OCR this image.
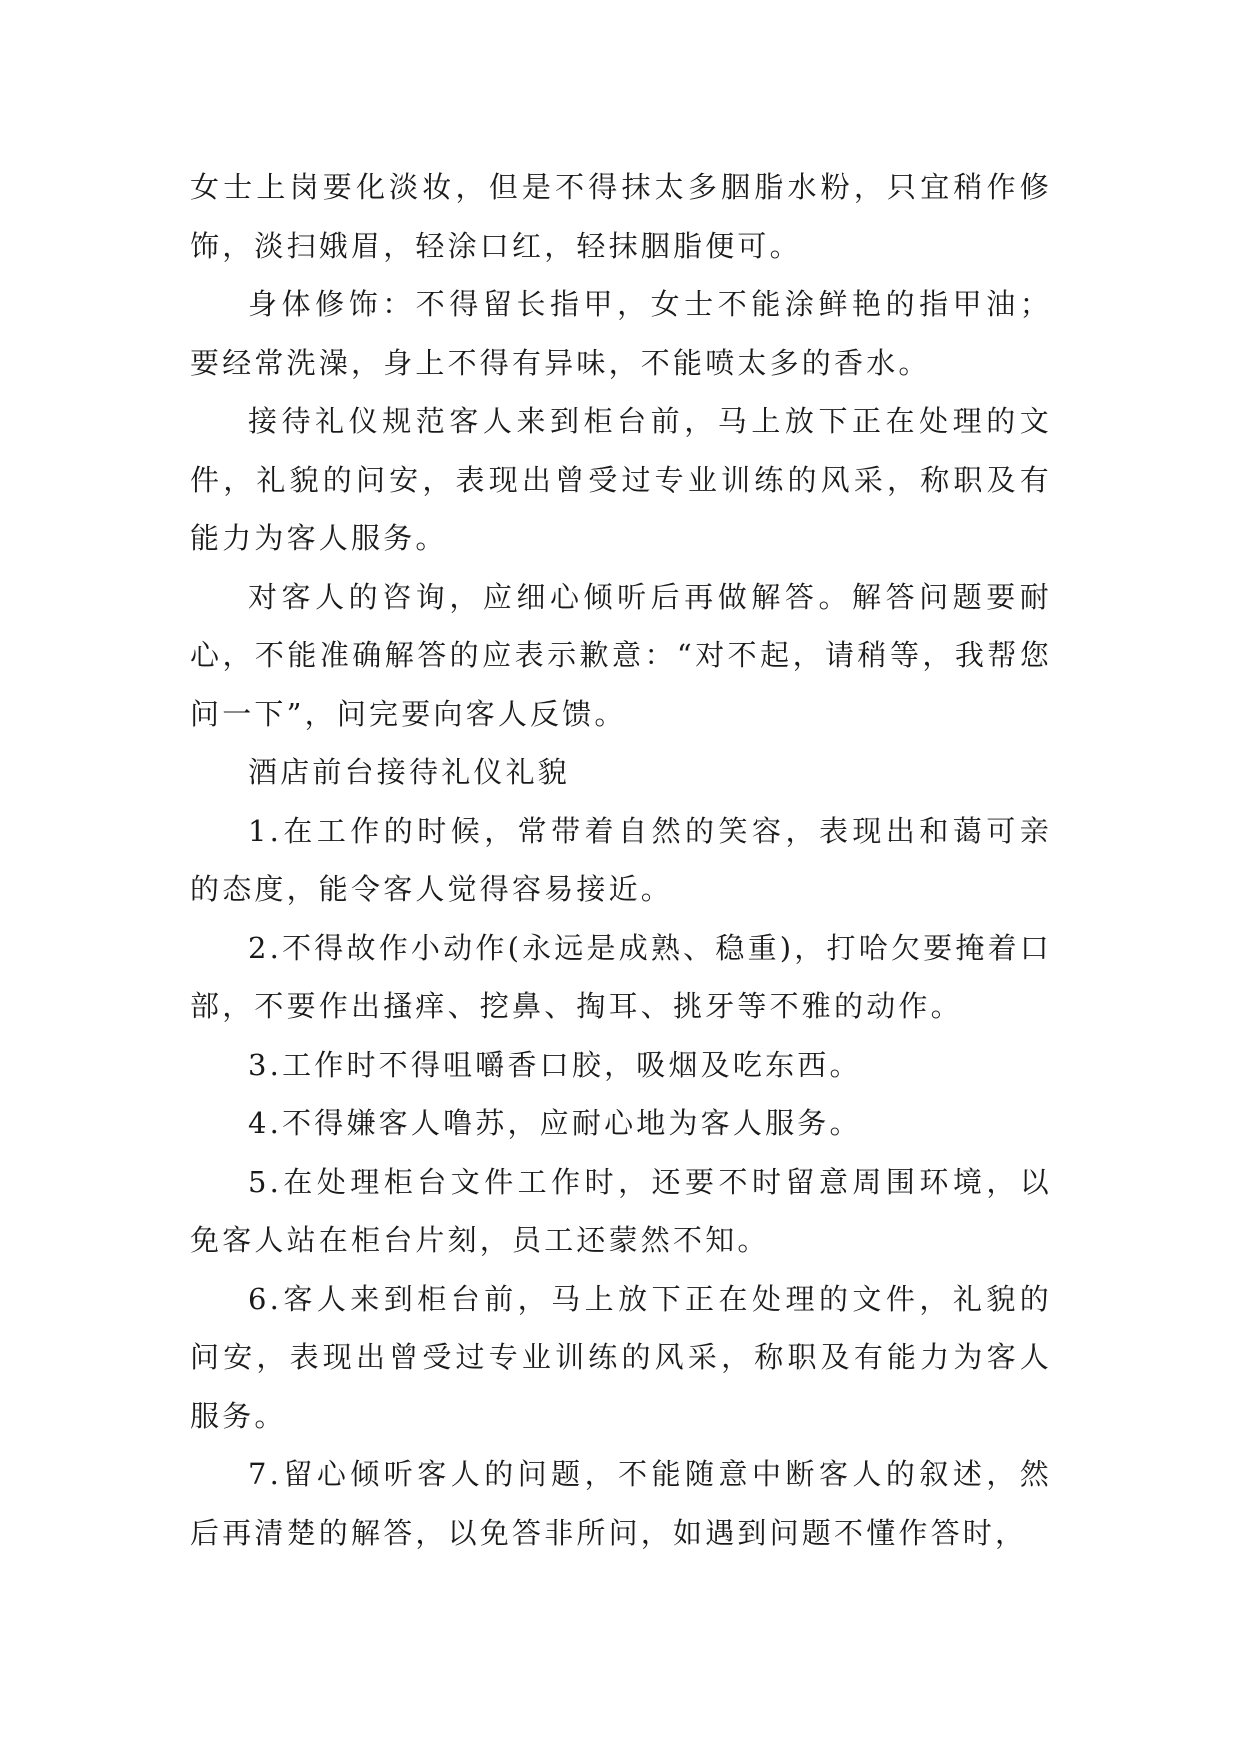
女士上岗要化淡妆，但是不得抹太多胭脂水粉，只宜稍作修饰，淡扫娥眉，轻涂口红，轻抹胭脂便可。

身体修饰：不得留长指甲，女士不能涂鲜艳的指甲油；要经常洗澡，身上不得有异味，不能喷太多的香水。

接待礼仪规范客人来到柜台前，马上放下正在处理的文件，礼貌的问安，表现出曾受过专业训练的风采，称职及有能力为客人服务。

对客人的咨询，应细心倾听后再做解答。解答问题要耐心，不能准确解答的应表示歉意：“对不起，请稍等，我帮您问一下”，问完要向客人反馈。

酒店前台接待礼仪礼貌

1.在工作的时候，常带着自然的笑容，表现出和蔼可亲的态度，能令客人觉得容易接近。

2.不得故作小动作(永远是成熟、稳重)，打哈欠要掩着口部，不要作出搔痒、挖鼻、掏耳、挑牙等不雅的动作。

3.工作时不得咀嚼香口胶，吸烟及吃东西。

4.不得嫌客人噜苏，应耐心地为客人服务。

5.在处理柜台文件工作时，还要不时留意周围环境，以免客人站在柜台片刻，员工还蒙然不知。

6.客人来到柜台前，马上放下正在处理的文件，礼貌的问安，表现出曾受过专业训练的风采，称职及有能力为客人服务。

7.留心倾听客人的问题，不能随意中断客人的叙述，然后再清楚的解答，以免答非所问，如遇到问题不懂作答时，
